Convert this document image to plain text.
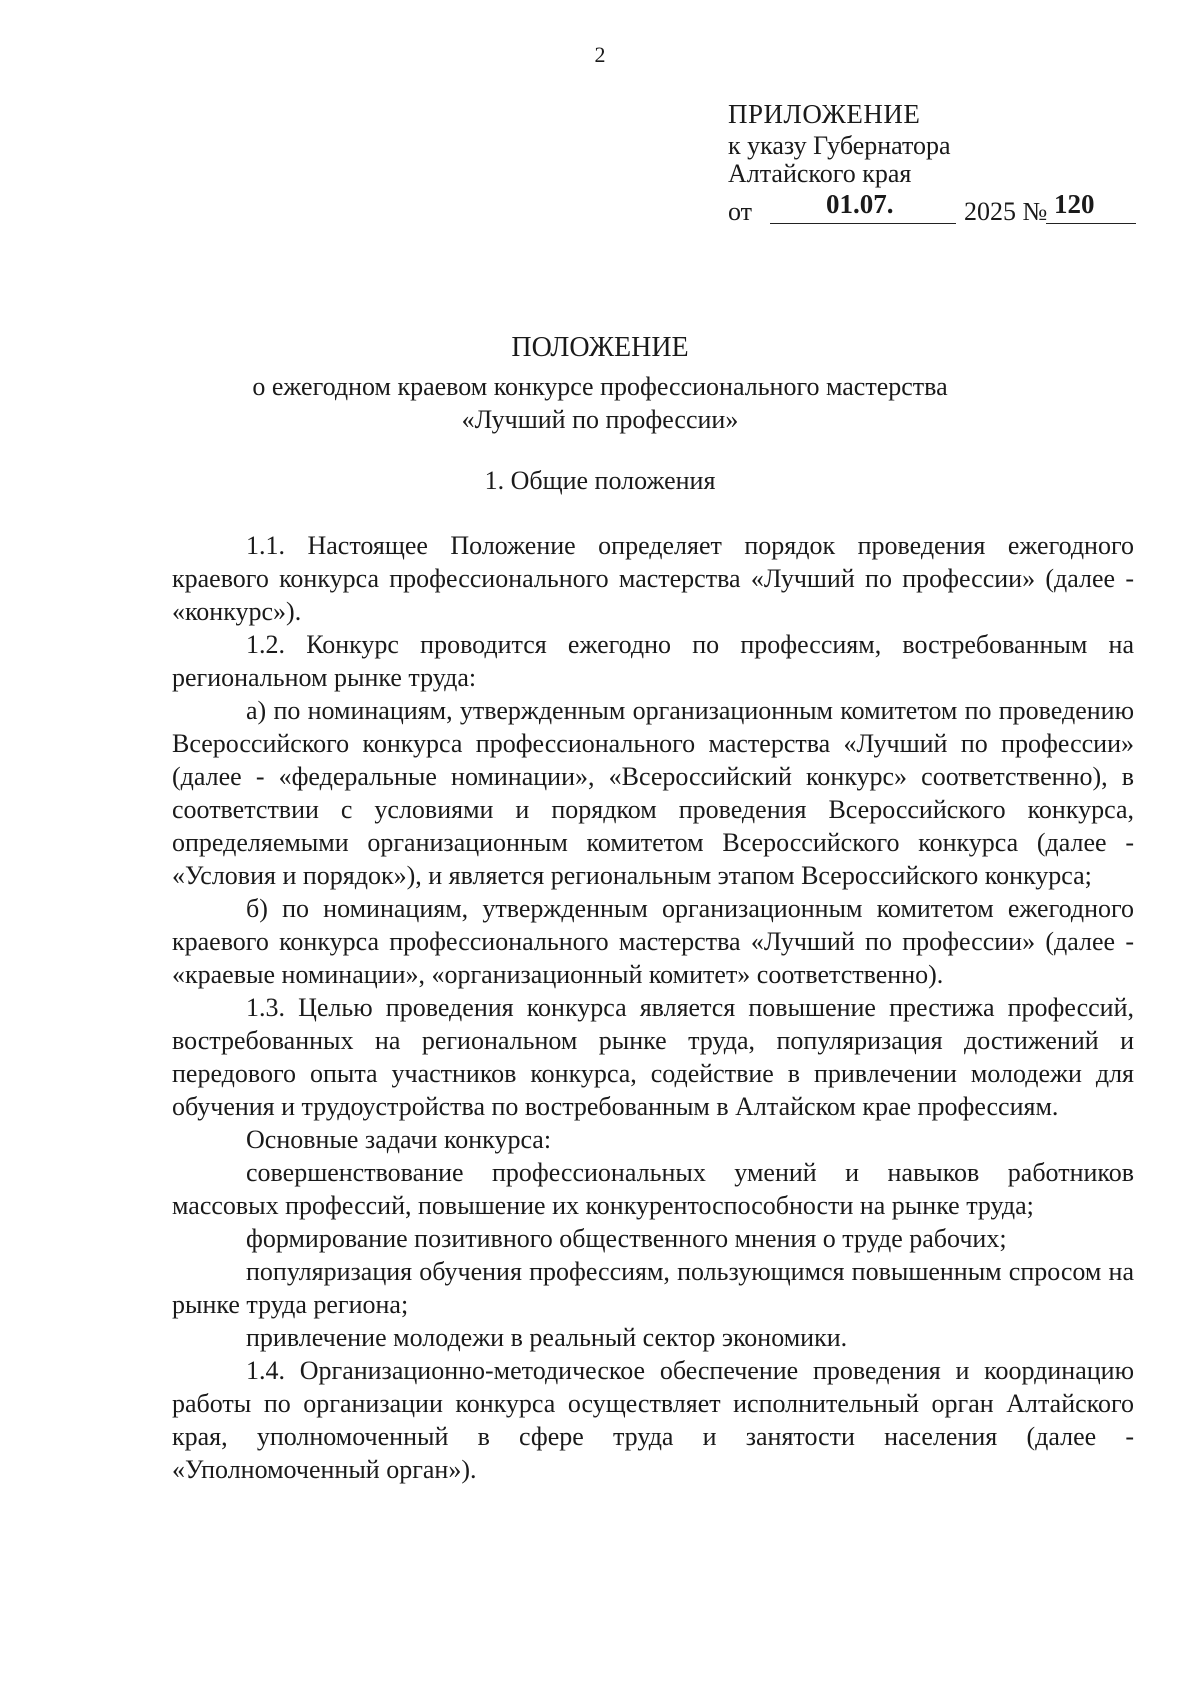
2
ПРИЛОЖЕНИЕ
к указу Губернатора
Алтайского края
от	01.07.	2025 № 120
ПОЛОЖЕНИЕ
о ежегодном краевом конкурсе профессионального мастерства
«Лучший по профессии»
1. Общие положения

1.1. Настоящее Положение определяет порядок проведения ежегодного краевого конкурса профессионального мастерства «Лучший по профессии» (далее - «конкурс»).

1.2. Конкурс проводится ежегодно по профессиям, востребованным на региональном рынке труда:

а) по номинациям, утвержденным организационным комитетом по проведению Всероссийского конкурса профессионального мастерства «Лучший по профессии» (далее - «федеральные номинации», «Всероссийский конкурс» соответственно), в соответствии с условиями и порядком проведения Всероссийского конкурса, определяемыми организационным комитетом Всероссийского конкурса (далее - «Условия и порядок»), и является региональным этапом Всероссийского конкурса;

б) по номинациям, утвержденным организационным комитетом ежегодного краевого конкурса профессионального мастерства «Лучший по профессии» (далее - «краевые номинации», «организационный комитет» соответственно).

1.3. Целью проведения конкурса является повышение престижа профессий, востребованных на региональном рынке труда, популяризация достижений и передового опыта участников конкурса, содействие в привлечении молодежи для обучения и трудоустройства по востребованным в Алтайском крае профессиям.

Основные задачи конкурса:

совершенствование профессиональных умений и навыков работников массовых профессий, повышение их конкурентоспособности на рынке труда;

формирование позитивного общественного мнения о труде рабочих;

популяризация обучения профессиям, пользующимся повышенным спросом на рынке труда региона;

привлечение молодежи в реальный сектор экономики.

1.4. Организационно-методическое обеспечение проведения и координацию работы по организации конкурса осуществляет исполнительный орган Алтайского края, уполномоченный в сфере труда и занятости населения (далее - «Уполномоченный орган»).
